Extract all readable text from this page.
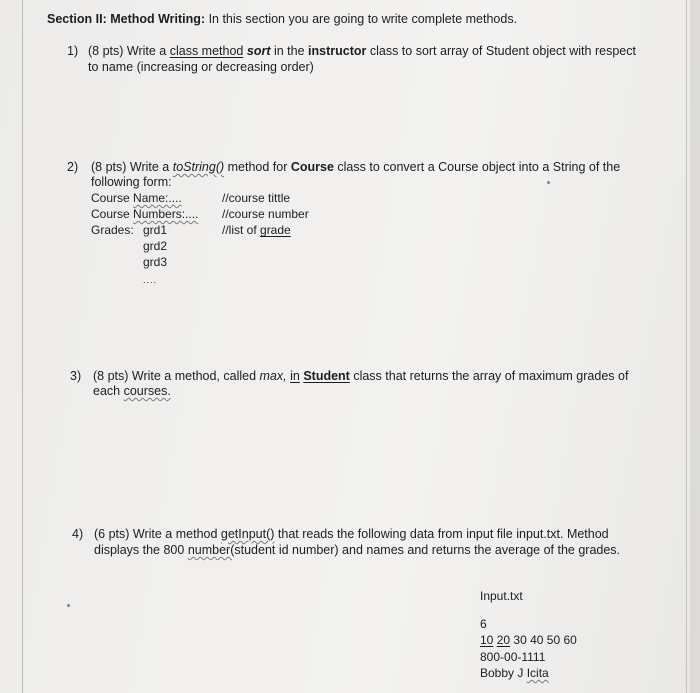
Section II: Method Writing: In this section you are going to write complete methods.
1) (8 pts) Write a class method sort in the instructor class to sort array of Student object with respect
to name (increasing or decreasing order)
2) (8 pts) Write a toString() method for Course class to convert a Course object into a String of the
following form:
Course Name:....	//course tittle
Course Numbers:.... //course number
Grades: grd1	//list of grade
grd2
grd3
....
3) (8 pts) Write a method, called max, in Student class that returns the array of maximum grades of
each courses.
4) (6 pts) Write a method getInput() that reads the following data from input file input.txt. Method
displays the 800 number(student id number) and names and returns the average of the grades.
Input.txt
6
10 20 30 40 50 60
800-00-1111
Bobby J Icita
